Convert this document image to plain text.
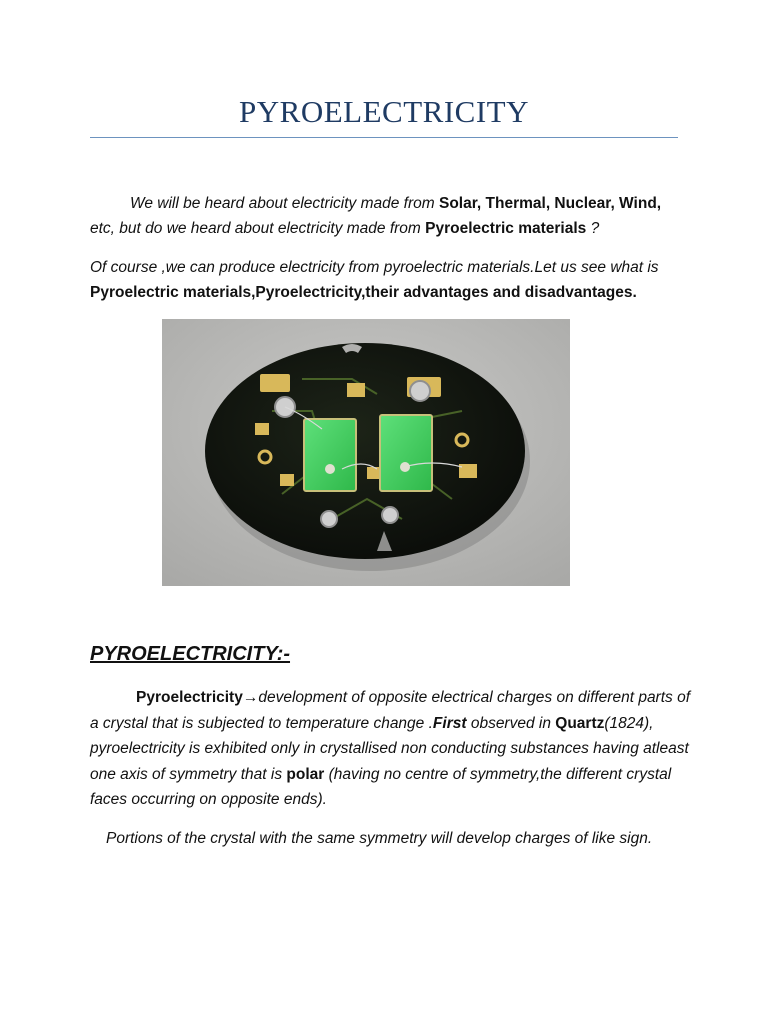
PYROELECTRICITY
We will be heard about electricity made from Solar, Thermal, Nuclear, Wind, etc, but do we heard about electricity made from Pyroelectric materials ?
Of course ,we can produce electricity from pyroelectric materials.Let us see what is Pyroelectric materials,Pyroelectricity,their advantages and disadvantages.
PYROELECTRICITY:-
Pyroelectricity→development of opposite electrical charges on different parts of a crystal that is subjected to temperature change .First observed in Quartz(1824), pyroelectricity is exhibited only in crystallised non conducting substances having atleast one axis of symmetry that is polar (having no centre of symmetry,the different crystal faces occurring on opposite ends).
Portions of the crystal with the same symmetry will develop charges of like sign.
